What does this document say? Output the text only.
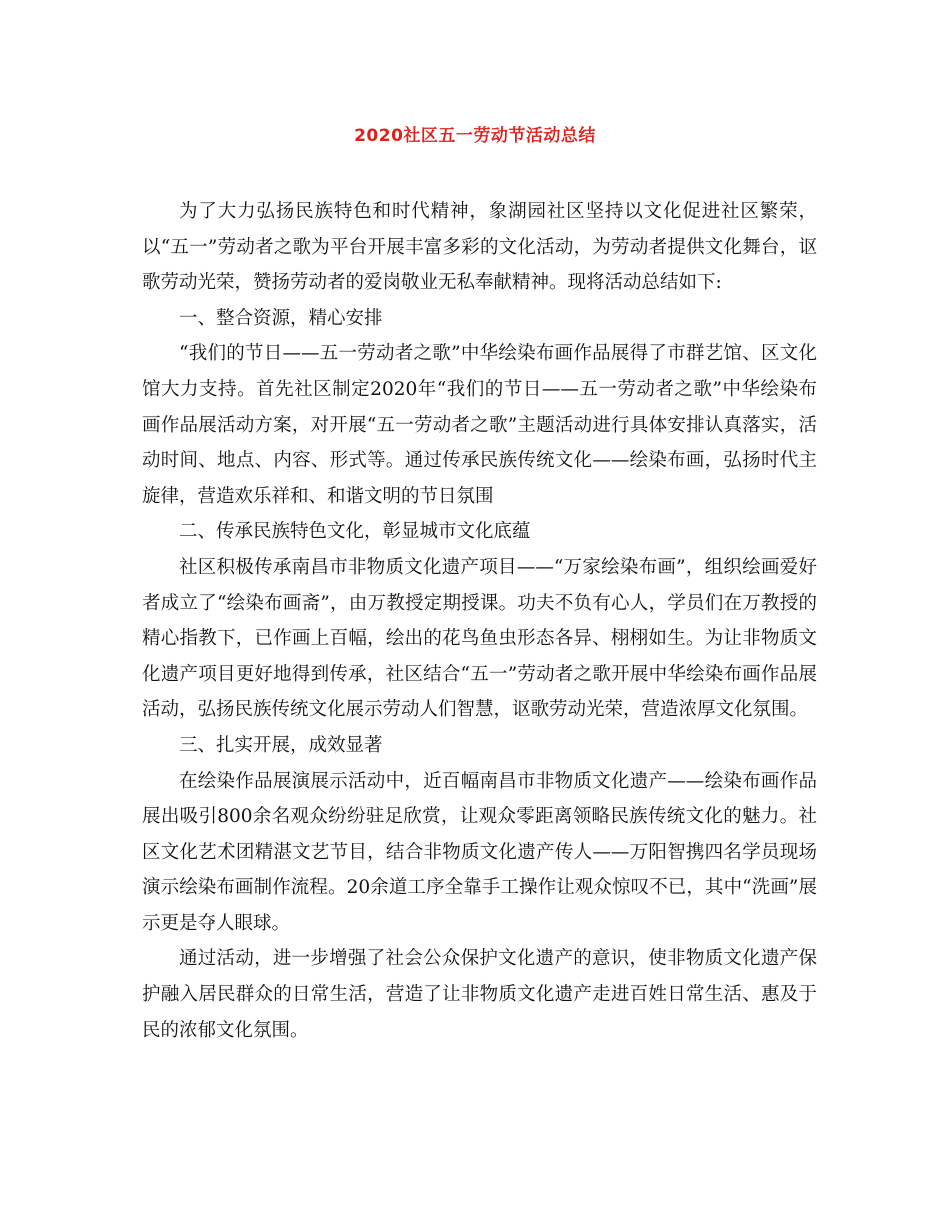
2020社区五一劳动节活动总结

为了大力弘扬民族特色和时代精神，象湖园社区坚持以文化促进社区繁荣，以“五一”劳动者之歌为平台开展丰富多彩的文化活动，为劳动者提供文化舞台，讴歌劳动光荣，赞扬劳动者的爱岗敬业无私奉献精神。现将活动总结如下:

一、整合资源，精心安排

“我们的节日——五一劳动者之歌”中华绘染布画作品展得了市群艺馆、区文化馆大力支持。首先社区制定2020年“我们的节日——五一劳动者之歌”中华绘染布画作品展活动方案，对开展“五一劳动者之歌”主题活动进行具体安排认真落实，活动时间、地点、内容、形式等。通过传承民族传统文化——绘染布画，弘扬时代主旋律，营造欢乐祥和、和谐文明的节日氛围

二、传承民族特色文化，彰显城市文化底蕴

社区积极传承南昌市非物质文化遗产项目——“万家绘染布画”，组织绘画爱好者成立了“绘染布画斋”，由万教授定期授课。功夫不负有心人，学员们在万教授的精心指教下，已作画上百幅，绘出的花鸟鱼虫形态各异、栩栩如生。为让非物质文化遗产项目更好地得到传承，社区结合“五一”劳动者之歌开展中华绘染布画作品展活动，弘扬民族传统文化展示劳动人们智慧，讴歌劳动光荣，营造浓厚文化氛围。

三、扎实开展，成效显著

在绘染作品展演展示活动中，近百幅南昌市非物质文化遗产——绘染布画作品展出吸引800余名观众纷纷驻足欣赏，让观众零距离领略民族传统文化的魅力。社区文化艺术团精湛文艺节目，结合非物质文化遗产传人——万阳智携四名学员现场演示绘染布画制作流程。20余道工序全靠手工操作让观众惊叹不已，其中“洗画”展示更是夺人眼球。

通过活动，进一步增强了社会公众保护文化遗产的意识，使非物质文化遗产保护融入居民群众的日常生活，营造了让非物质文化遗产走进百姓日常生活、惠及于民的浓郁文化氛围。
